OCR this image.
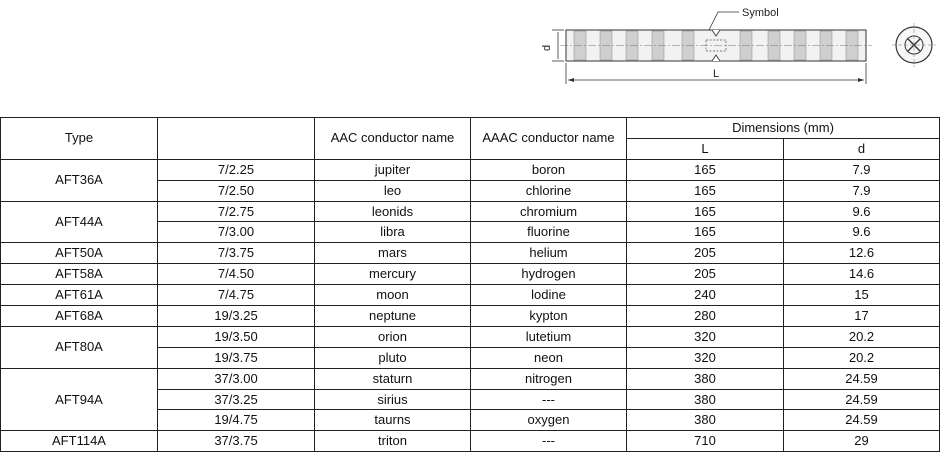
Symbol
d
L
Type		AAC conductor name	AAAC conductor name	Dimensions (mm)	
				L	d
AFT36A	7/2.25	jupiter	boron	165	7.9
	7/2.50	leo	chlorine	165	7.9
AFT44A	7/2.75	leonids	chromium	165	9.6
	7/3.00	libra	fluorine	165	9.6
AFT50A	7/3.75	mars	helium	205	12.6
AFT58A	7/4.50	mercury	hydrogen	205	14.6
AFT61A	7/4.75	moon	lodine	240	15
AFT68A	19/3.25	neptune	kypton	280	17
AFT80A	19/3.50	orion	lutetium	320	20.2
	19/3.75	pluto	neon	320	20.2
AFT94A	37/3.00	staturn	nitrogen	380	24.59
	37/3.25	sirius	---	380	24.59
	19/4.75	taurns	oxygen	380	24.59
AFT114A	37/3.75	triton	---	710	29
